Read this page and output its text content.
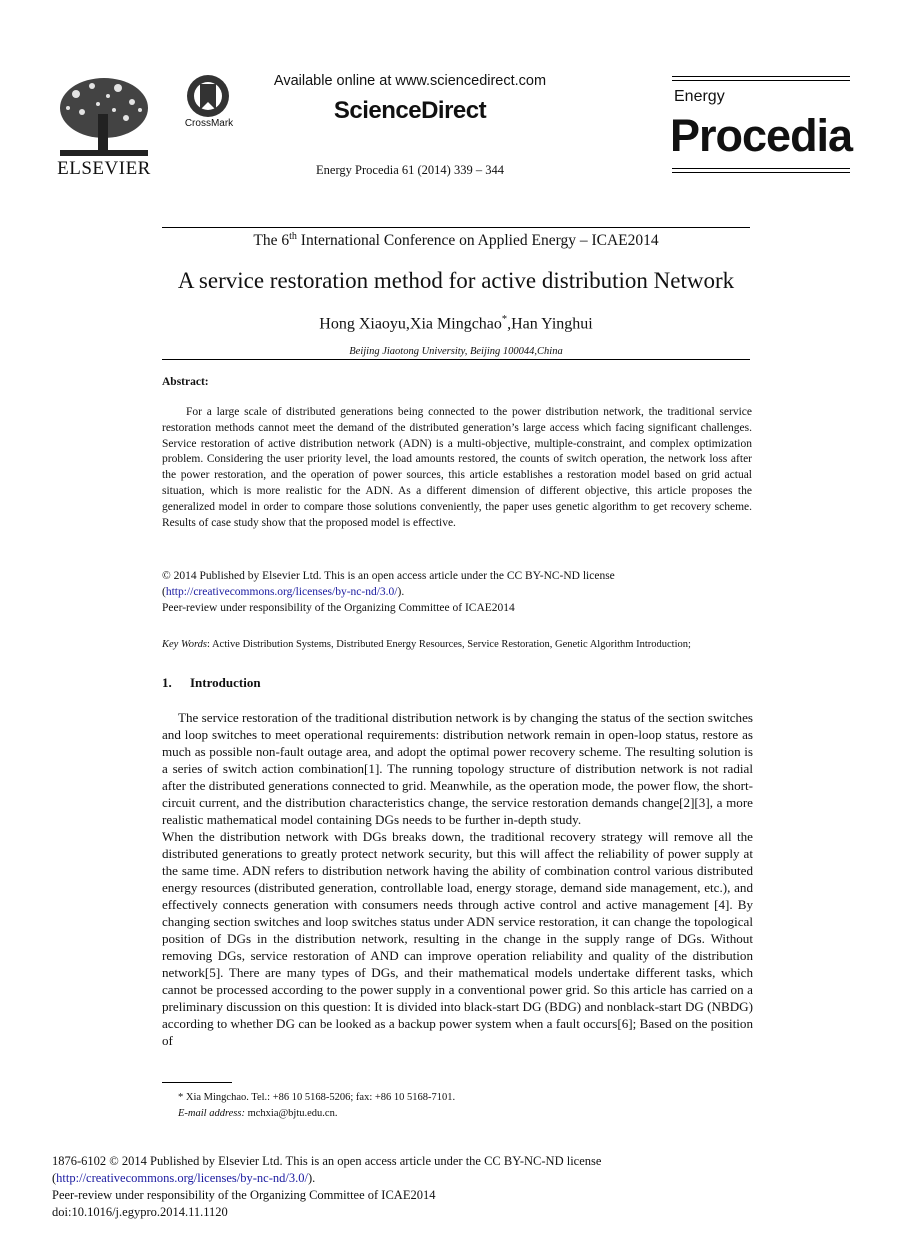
ELSEVIER
CrossMark
Available online at www.sciencedirect.com
ScienceDirect
Energy Procedia 61 (2014) 339 – 344
Energy
Procedia
The 6th International Conference on Applied Energy – ICAE2014
A service restoration method for active distribution Network
Hong Xiaoyu,Xia Mingchao*,Han Yinghui
Beijing Jiaotong University, Beijing 100044,China
Abstract:
For a large scale of distributed generations being connected to the power distribution network, the traditional service restoration methods cannot meet the demand of the distributed generation’s large access which facing significant challenges. Service restoration of active distribution network (ADN) is a multi-objective, multiple-constraint, and complex optimization problem. Considering the user priority level, the load amounts restored, the counts of switch operation, the network loss after the power restoration, and the operation of power sources, this article establishes a restoration model based on grid actual situation, which is more realistic for the ADN. As a different dimension of different objective, this article proposes the generalized model in order to compare those solutions conveniently, the paper uses genetic algorithm to get recovery scheme. Results of case study show that the proposed model is effective.
© 2014 Published by Elsevier Ltd. This is an open access article under the CC BY-NC-ND license
(http://creativecommons.org/licenses/by-nc-nd/3.0/).
Peer-review under responsibility of the Organizing Committee of ICAE2014
Key Words: Active Distribution Systems, Distributed Energy Resources, Service Restoration, Genetic Algorithm Introduction;
1. Introduction
The service restoration of the traditional distribution network is by changing the status of the section switches and loop switches to meet operational requirements: distribution network remain in open-loop status, restore as much as possible non-fault outage area, and adopt the optimal power recovery scheme. The resulting solution is a series of switch action combination[1]. The running topology structure of distribution network is not radial after the distributed generations connected to grid. Meanwhile, as the operation mode, the power flow, the short-circuit current, and the distribution characteristics change, the service restoration demands change[2][3], a more realistic mathematical model containing DGs needs to be further in-depth study.
When the distribution network with DGs breaks down, the traditional recovery strategy will remove all the distributed generations to greatly protect network security, but this will affect the reliability of power supply at the same time. ADN refers to distribution network having the ability of combination control various distributed energy resources (distributed generation, controllable load, energy storage, demand side management, etc.), and effectively connects generation with consumers needs through active control and active management [4]. By changing section switches and loop switches status under ADN service restoration, it can change the topological position of DGs in the distribution network, resulting in the change in the supply range of DGs. Without removing DGs, service restoration of AND can improve operation reliability and quality of the distribution network[5]. There are many types of DGs, and their mathematical models undertake different tasks, which cannot be processed according to the power supply in a conventional power grid. So this article has carried on a preliminary discussion on this question: It is divided into black-start DG (BDG) and nonblack-start DG (NBDG) according to whether DG can be looked as a backup power system when a fault occurs[6]; Based on the position of
* Xia Mingchao. Tel.: +86 10 5168-5206; fax: +86 10 5168-7101.
E-mail address: mchxia@bjtu.edu.cn.
1876-6102 © 2014 Published by Elsevier Ltd. This is an open access article under the CC BY-NC-ND license
(http://creativecommons.org/licenses/by-nc-nd/3.0/).
Peer-review under responsibility of the Organizing Committee of ICAE2014
doi:10.1016/j.egypro.2014.11.1120
